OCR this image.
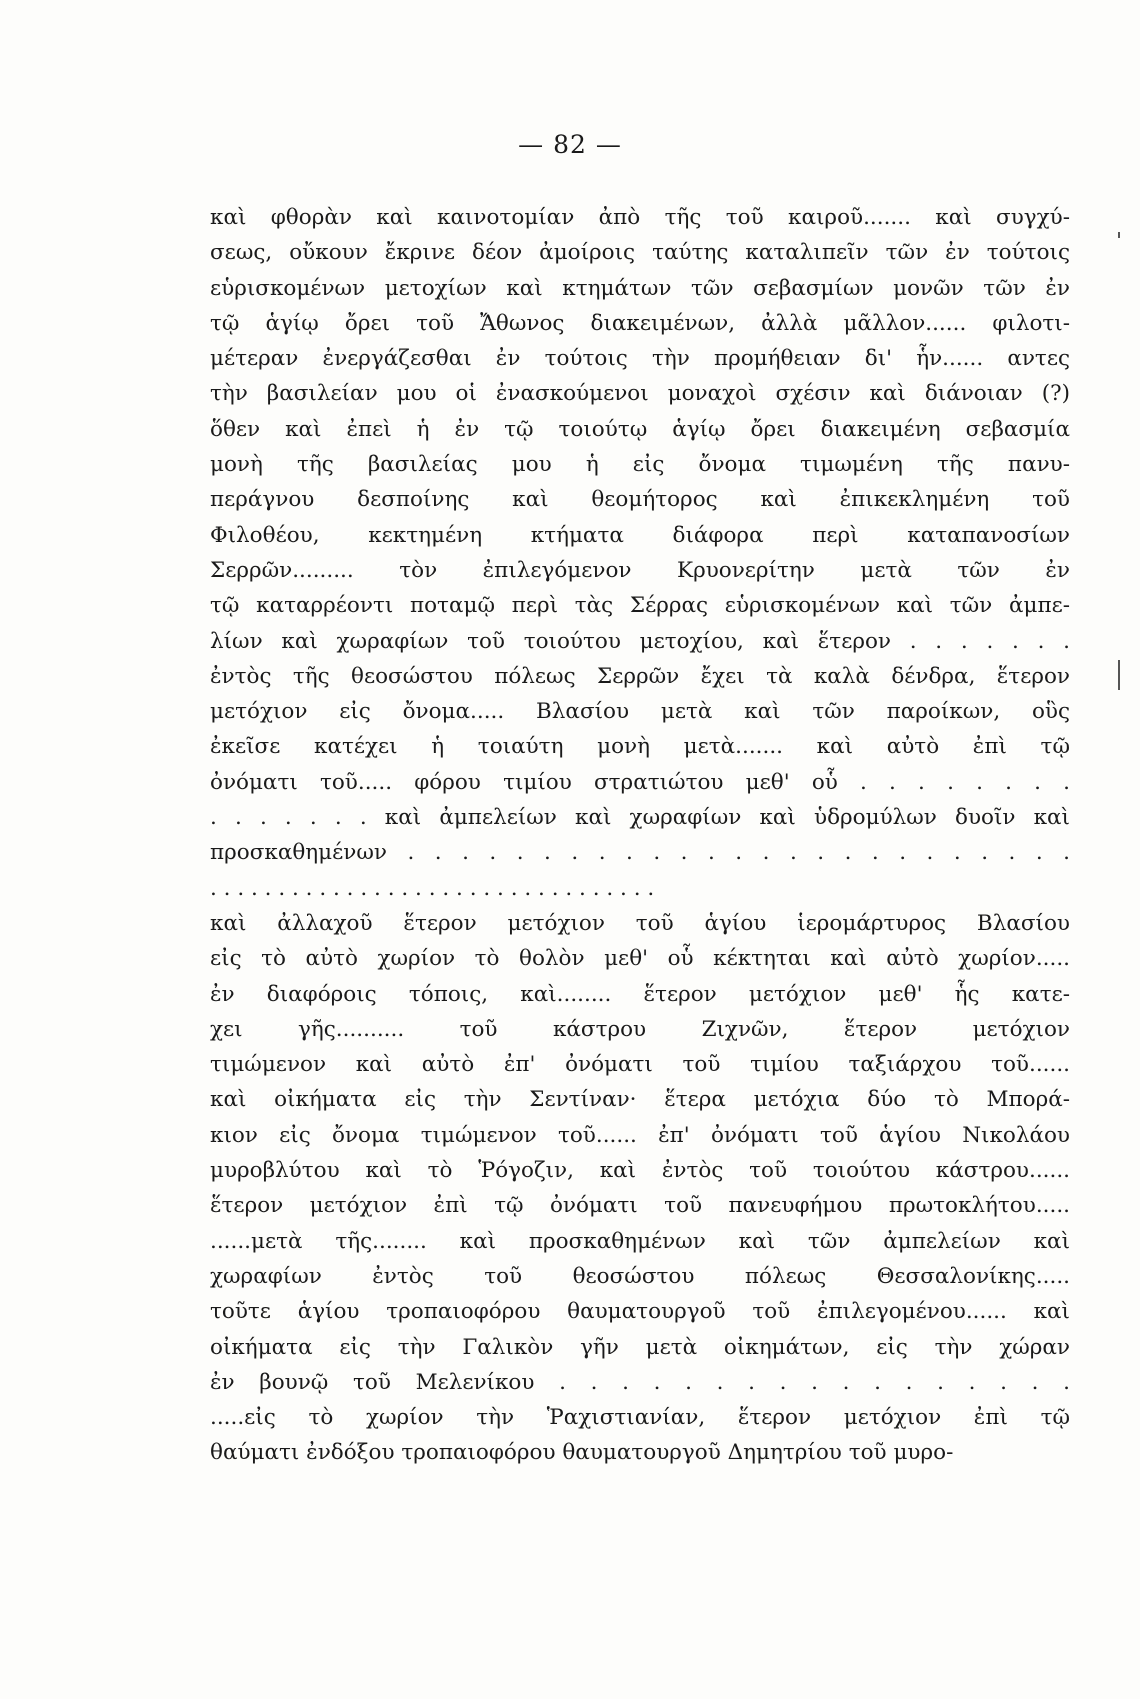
— 82 —
καὶ φθορὰν καὶ καινοτομίαν ἀπὸ τῆς τοῦ καιροῦ....... καὶ συγχύ-
σεως, οὔκουν ἔκρινε δέον ἀμοίροις ταύτης καταλιπεῖν τῶν ἐν τούτοις
εὑρισκομένων μετοχίων καὶ κτημάτων τῶν σεβασμίων μονῶν τῶν ἐν
τῷ ἁγίῳ ὄρει τοῦ Ἄθωνος διακειμένων, ἀλλὰ μᾶλλον...... φιλοτι-
μέτεραν ἐνεργάζεσθαι ἐν τούτοις τὴν προμήθειαν δι' ἧν...... αντες
τὴν βασιλείαν μου οἱ ἐνασκούμενοι μοναχοὶ σχέσιν καὶ διάνοιαν (?)
ὅθεν καὶ ἐπεὶ ἡ ἐν τῷ τοιούτῳ ἁγίῳ ὄρει διακειμένη σεβασμία
μονὴ τῆς βασιλείας μου ἡ εἰς ὄνομα τιμωμένη τῆς πανυ-
περάγνου δεσποίνης καὶ θεομήτορος καὶ ἐπικεκλημένη τοῦ
Φιλοθέου, κεκτημένη κτήματα διάφορα περὶ καταπανοσίων
Σερρῶν......... τὸν ἐπιλεγόμενον Κρυονερίτην μετὰ τῶν ἐν
τῷ καταρρέοντι ποταμῷ περὶ τὰς Σέρρας εὑρισκομένων καὶ τῶν ἀμπε-
λίων καὶ χωραφίων τοῦ τοιούτου μετοχίου, καὶ ἕτερον . . . . . . .
ἐντὸς τῆς θεοσώστου πόλεως Σερρῶν ἔχει τὰ καλὰ δένδρα, ἕτερον
μετόχιον εἰς ὄνομα..... Βλασίου μετὰ καὶ τῶν παροίκων, οὓς
ἐκεῖσε κατέχει ἡ τοιαύτη μονὴ μετὰ....... καὶ αὐτὸ ἐπὶ τῷ
ὀνόματι τοῦ..... φόρου τιμίου στρατιώτου μεθ' οὗ . . . . . . . .
. . . . . . . καὶ ἀμπελείων καὶ χωραφίων καὶ ὑδρομύλων δυοῖν καὶ
προσκαθημένων . . . . . . . . . . . . . . . . . . . . . . . . .
. . . . . . . . . . . . . . . . . . . . . . . . . . . . . . . . .
καὶ ἀλλαχοῦ ἕτερον μετόχιον τοῦ ἁγίου ἱερομάρτυρος Βλασίου
εἰς τὸ αὐτὸ χωρίον τὸ θολὸν μεθ' οὗ κέκτηται καὶ αὐτὸ χωρίον.....
ἐν διαφόροις τόποις, καὶ........ ἕτερον μετόχιον μεθ' ἧς κατε-
χει γῆς.......... τοῦ κάστρου Ζιχνῶν, ἕτερον μετόχιον
τιμώμενον καὶ αὐτὸ ἐπ' ὀνόματι τοῦ τιμίου ταξιάρχου τοῦ......
καὶ οἰκήματα εἰς τὴν Σεντίναν· ἕτερα μετόχια δύο τὸ Μπορά-
κιον εἰς ὄνομα τιμώμενον τοῦ...... ἐπ' ὀνόματι τοῦ ἁγίου Νικολάου
μυροβλύτου καὶ τὸ Ῥόγοζιν, καὶ ἐντὸς τοῦ τοιούτου κάστρου......
ἕτερον μετόχιον ἐπὶ τῷ ὀνόματι τοῦ πανευφήμου πρωτοκλήτου.....
......μετὰ τῆς........ καὶ προσκαθημένων καὶ τῶν ἀμπελείων καὶ
χωραφίων ἐντὸς τοῦ θεοσώστου πόλεως Θεσσαλονίκης.....
τοῦτε ἁγίου τροπαιοφόρου θαυματουργοῦ τοῦ ἐπιλεγομένου...... καὶ
οἰκήματα εἰς τὴν Γαλικὸν γῆν μετὰ οἰκημάτων, εἰς τὴν χώραν
ἐν βουνῷ τοῦ Μελενίκου . . . . . . . . . . . . . . . . .
.....εἰς τὸ χωρίον τὴν Ῥαχιστιανίαν, ἕτερον μετόχιον ἐπὶ τῷ
θαύματι ἐνδόξου τροπαιοφόρου θαυματουργοῦ Δημητρίου τοῦ μυρο-
